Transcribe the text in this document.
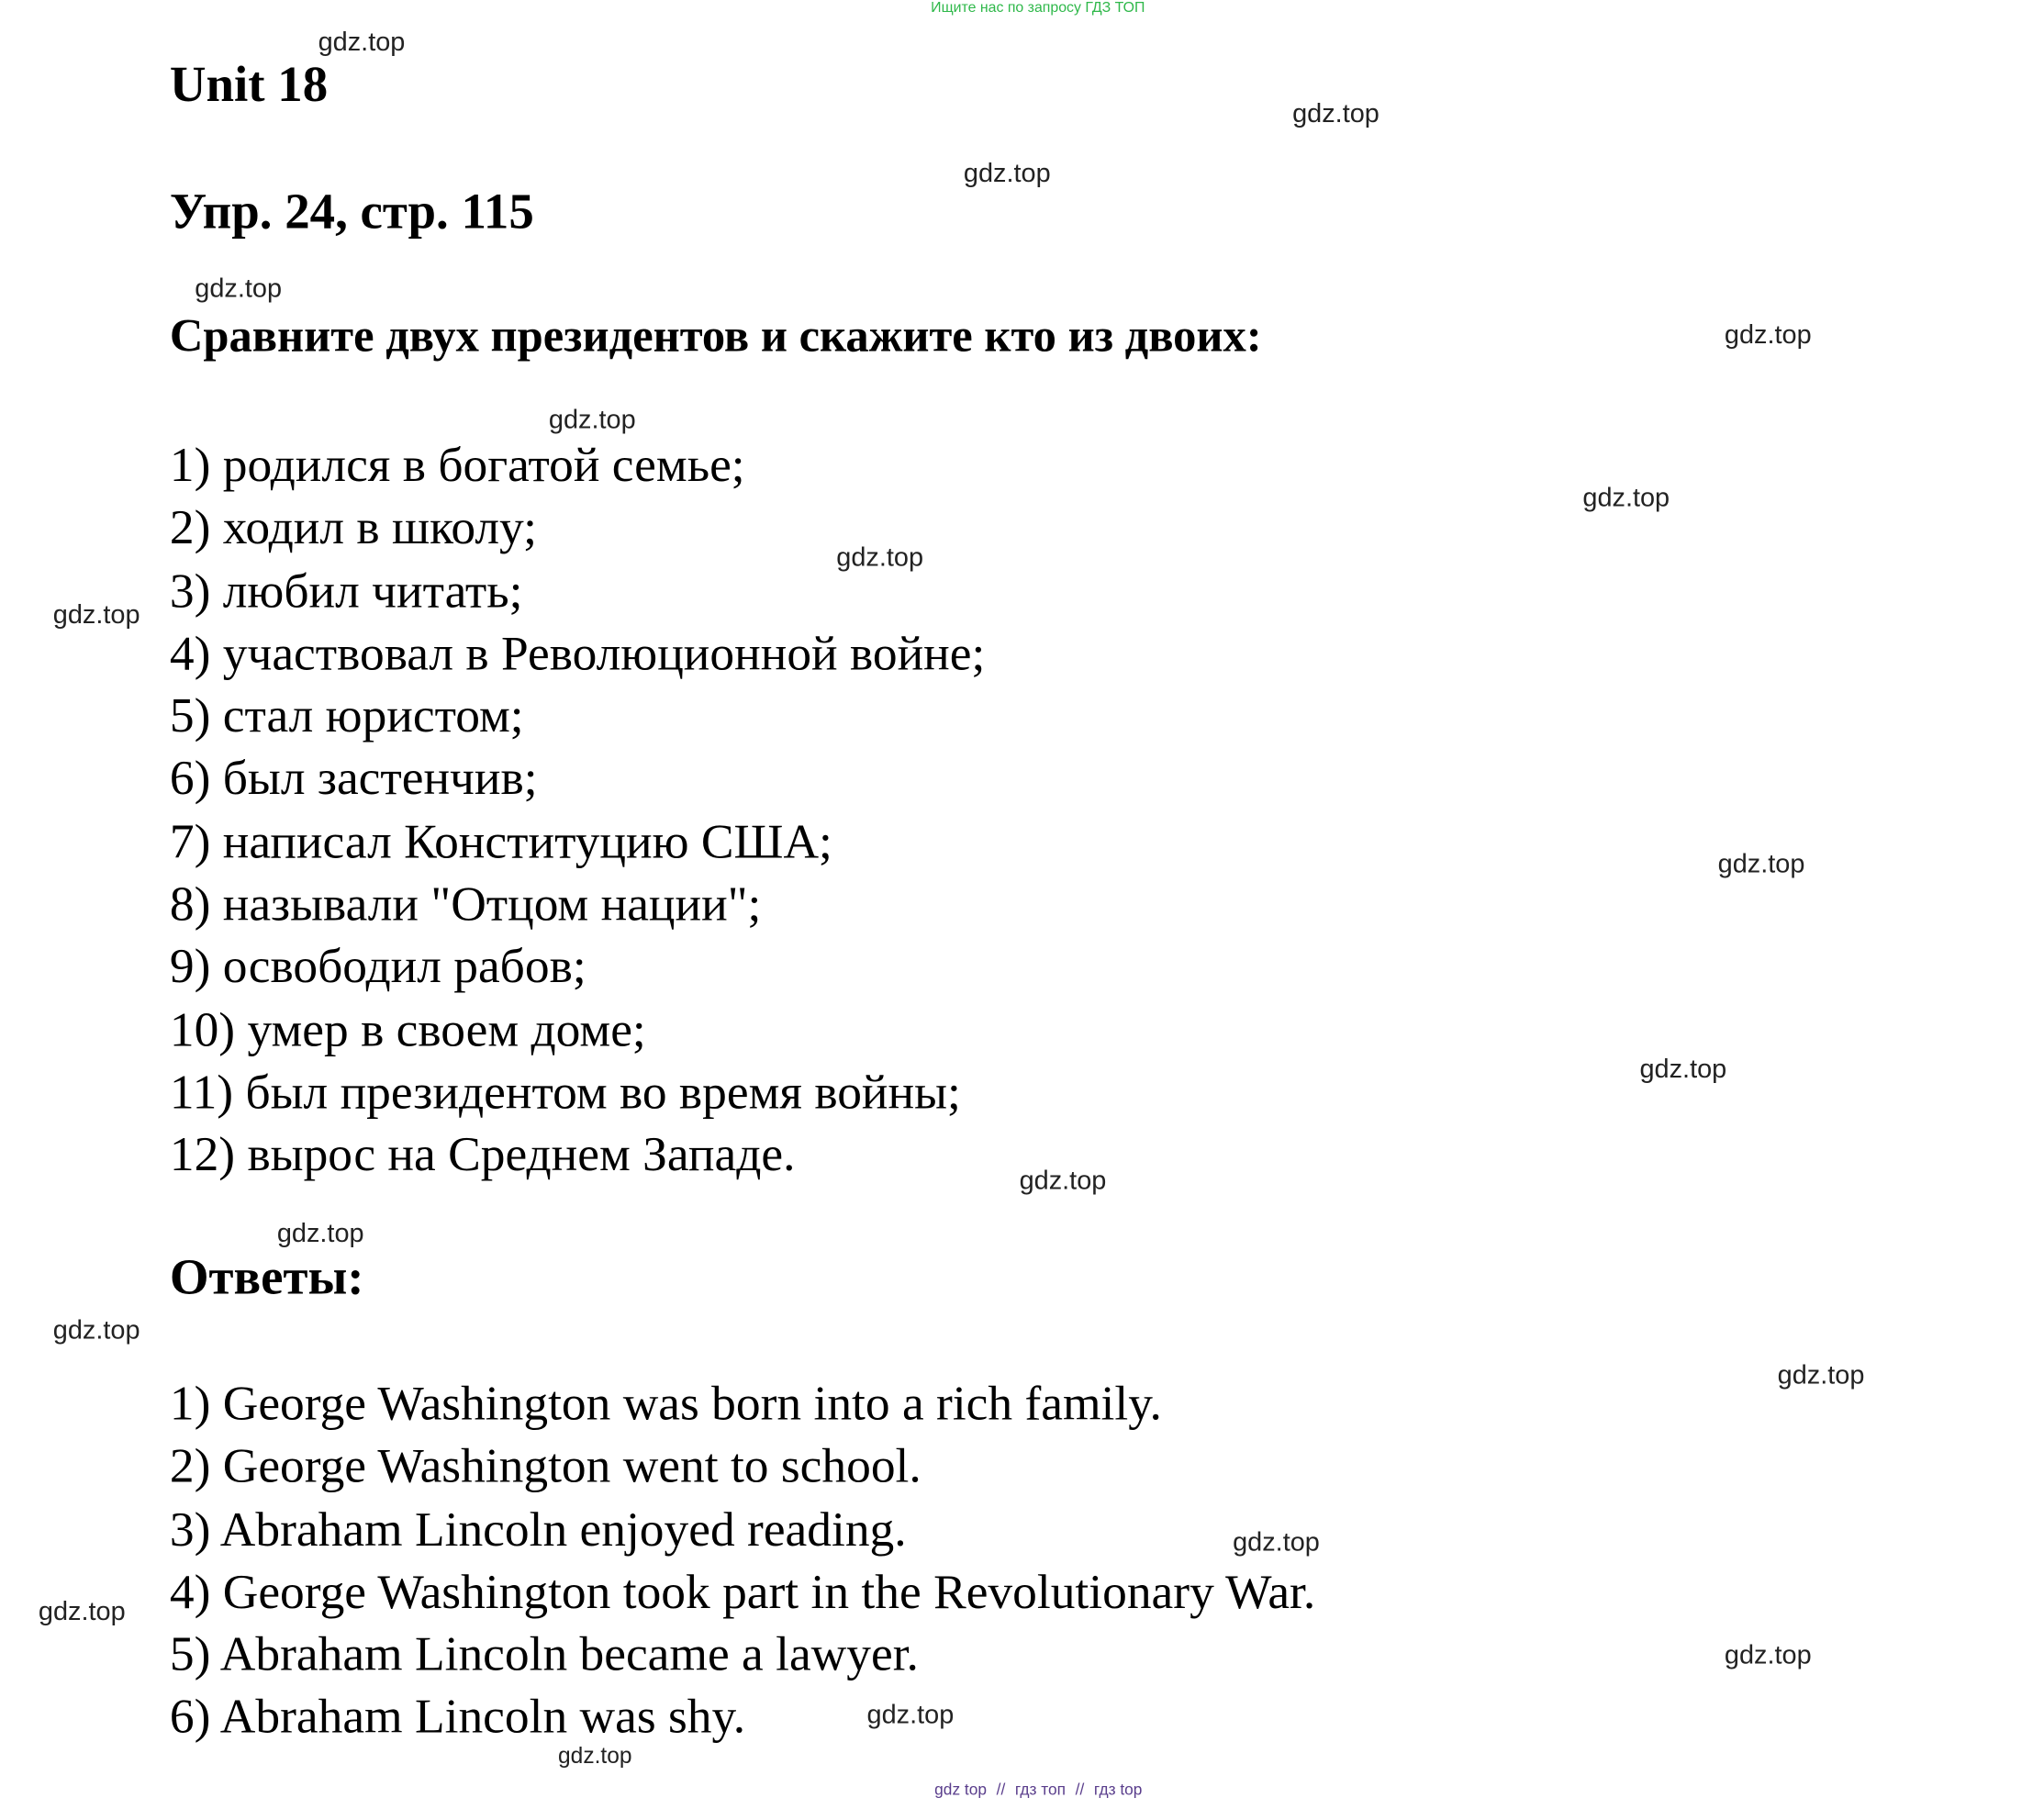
Ищите нас по запросу ГДЗ ТОП
Unit 18
Упр. 24, стр. 115
Сравните двух президентов и скажите кто из двоих:
1) родился в богатой семье;
2) ходил в школу;
3) любил читать;
4) участвовал в Революционной войне;
5) стал юристом;
6) был застенчив;
7) написал Конституцию США;
8) называли "Отцом нации";
9) освободил рабов;
10) умер в своем доме;
11) был президентом во время войны;
12) вырос на Среднем Западе.
Ответы:
1) George Washington was born into a rich family.
2) George Washington went to school.
3) Abraham Lincoln enjoyed reading.
4) George Washington took part in the Revolutionary War.
5) Abraham Lincoln became a lawyer.
6) Abraham Lincoln was shy.
gdz.top
gdz.top
gdz.top
gdz.top
gdz.top
gdz.top
gdz.top
gdz.top
gdz.top
gdz.top
gdz.top
gdz.top
gdz.top
gdz.top
gdz.top
gdz.top
gdz.top
gdz.top
gdz.top
gdz.top
gdz top // гдз топ // гдз top
